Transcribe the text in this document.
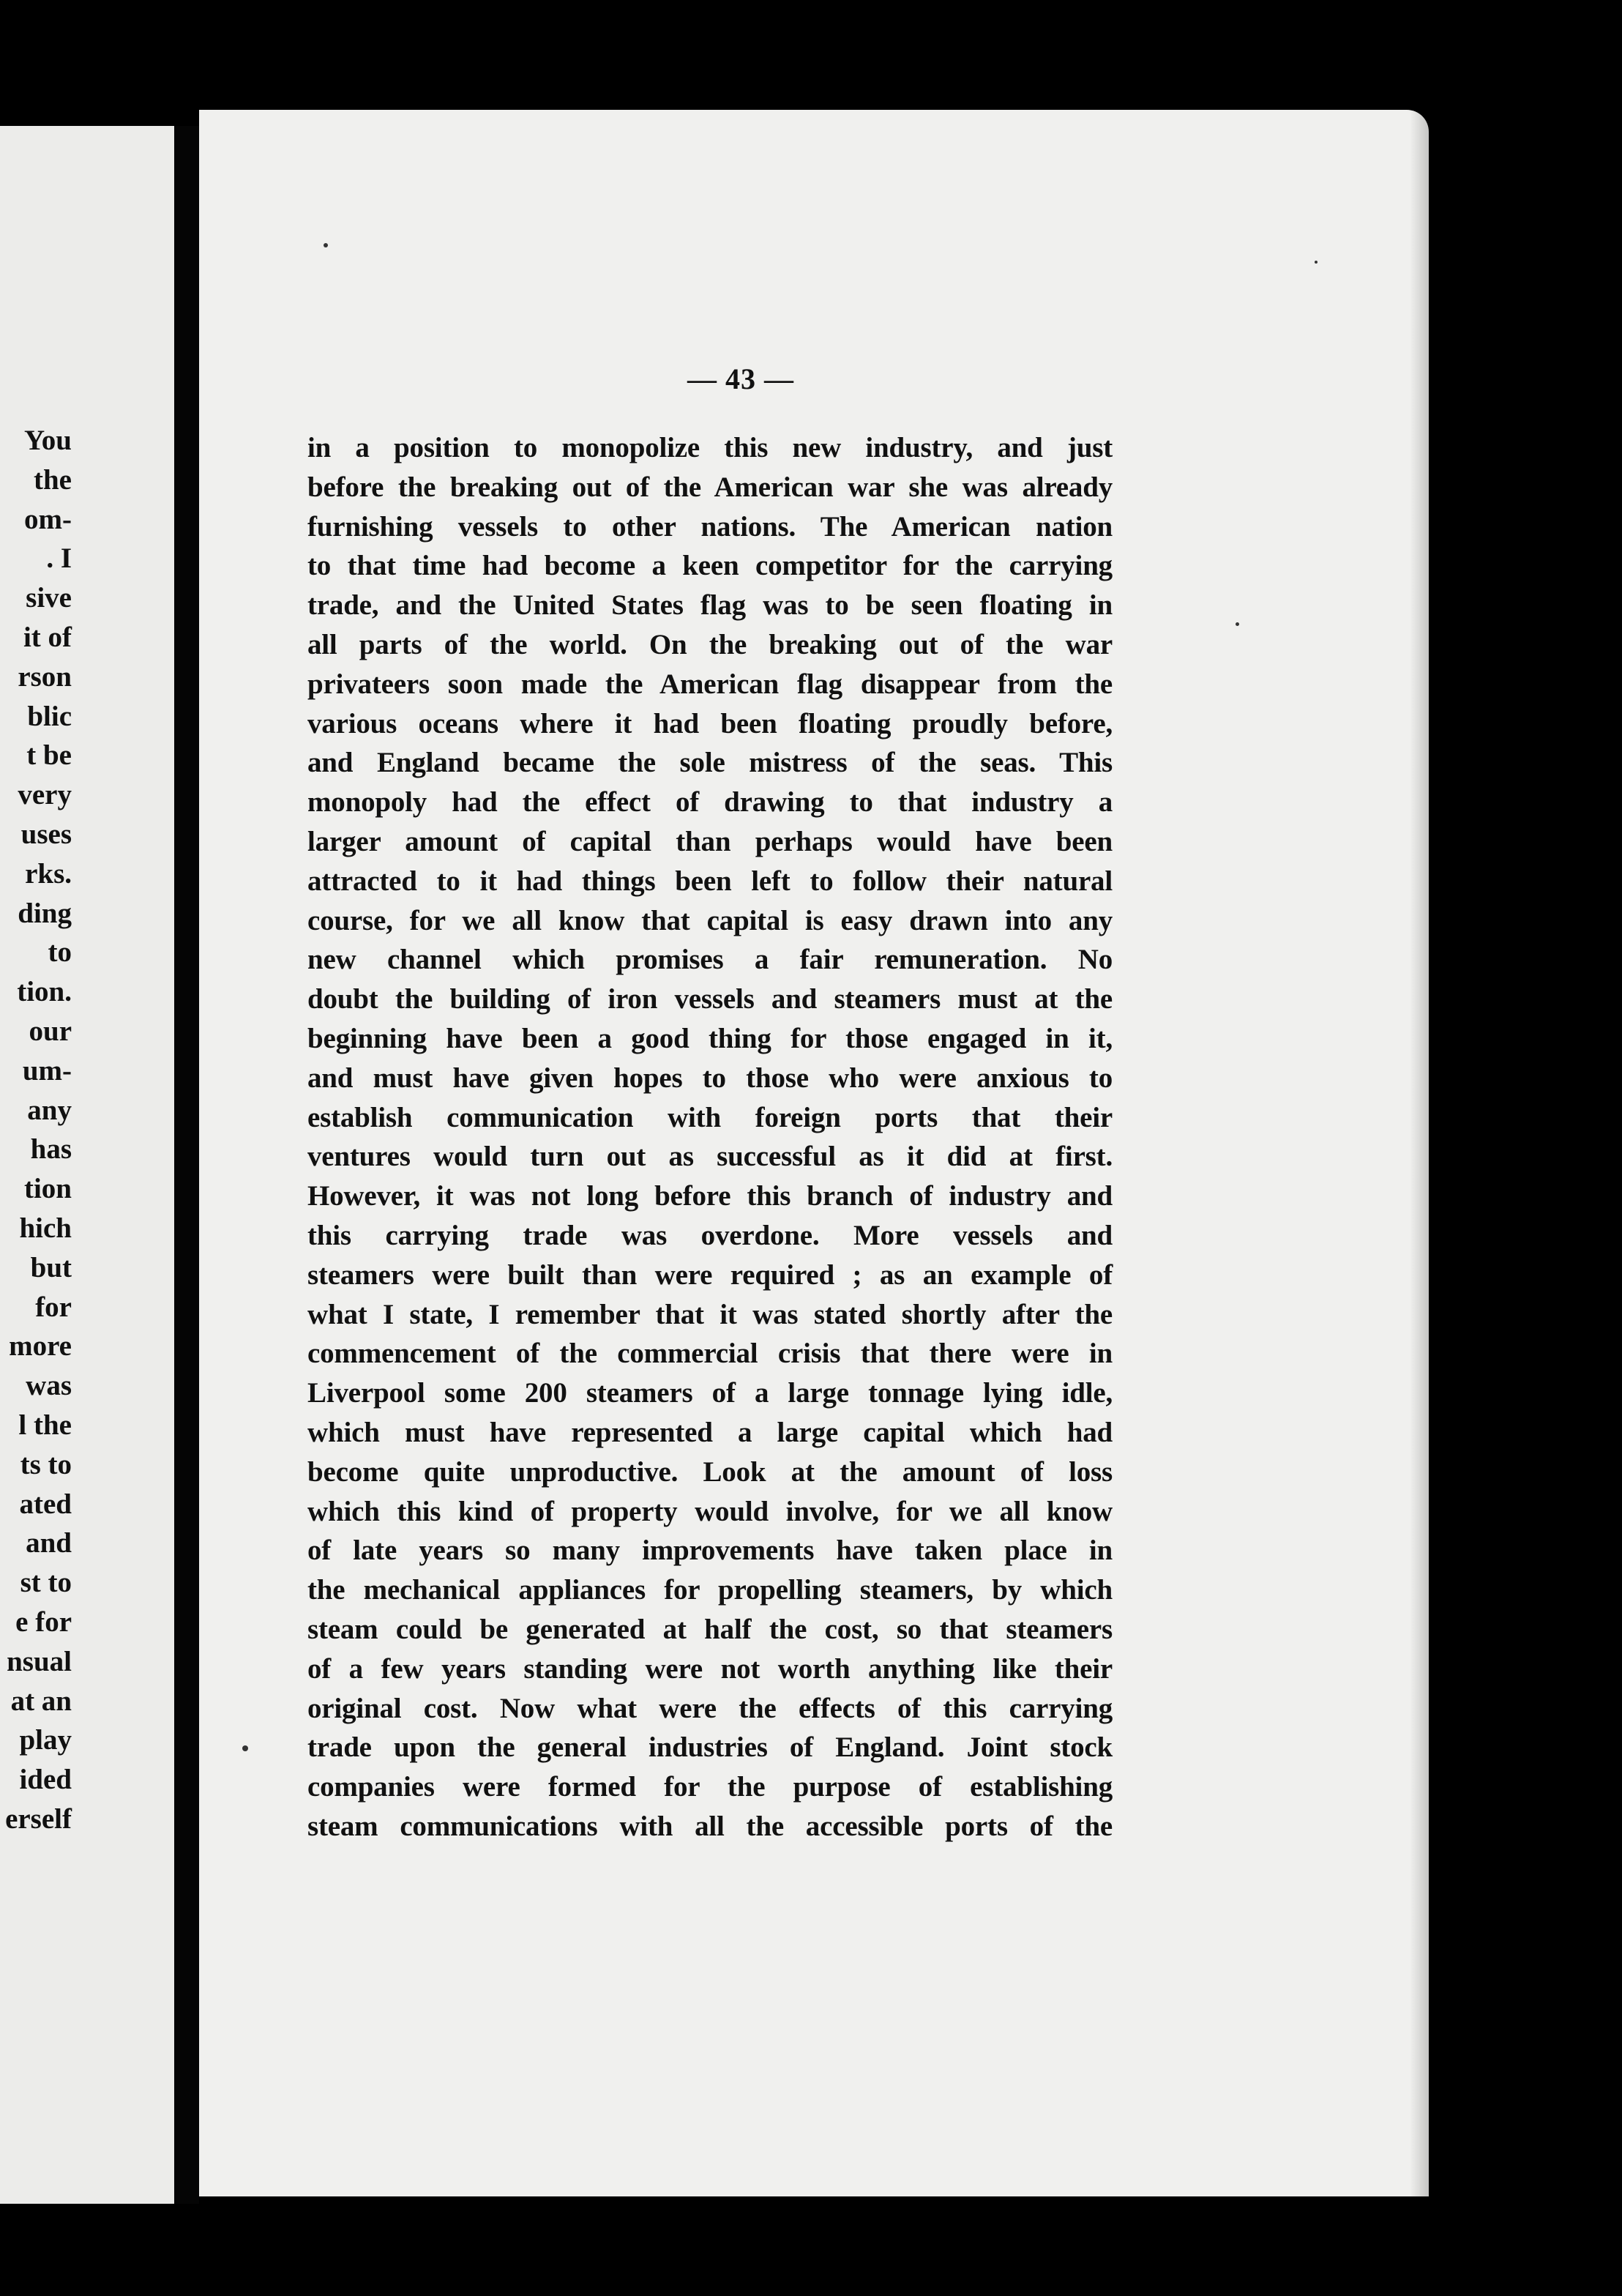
You
the
om-
. I
sive
it of
rson
blic
t be
very
uses
rks.
ding
to
tion.
our
um-
any
has
tion
hich
but
for
more
was
l the
ts to
ated
and
st to
e for
nsual
at an
play
ided
erself
— 43 —
in a position to monopolize this new industry, and just
before the breaking out of the American war she was already
furnishing vessels to other nations. The American nation
to that time had become a keen competitor for the carrying
trade, and the United States flag was to be seen floating in
all parts of the world. On the breaking out of the war
privateers soon made the American flag disappear from the
various oceans where it had been floating proudly before,
and England became the sole mistress of the seas. This
monopoly had the effect of drawing to that industry a
larger amount of capital than perhaps would have been
attracted to it had things been left to follow their natural
course, for we all know that capital is easy drawn into any
new channel which promises a fair remuneration. No
doubt the building of iron vessels and steamers must at the
beginning have been a good thing for those engaged in it,
and must have given hopes to those who were anxious to
establish communication with foreign ports that their
ventures would turn out as successful as it did at first.
However, it was not long before this branch of industry and
this carrying trade was overdone. More vessels and
steamers were built than were required ; as an example of
what I state, I remember that it was stated shortly after the
commencement of the commercial crisis that there were in
Liverpool some 200 steamers of a large tonnage lying idle,
which must have represented a large capital which had
become quite unproductive. Look at the amount of loss
which this kind of property would involve, for we all know
of late years so many improvements have taken place in
the mechanical appliances for propelling steamers, by which
steam could be generated at half the cost, so that steamers
of a few years standing were not worth anything like their
original cost. Now what were the effects of this carrying
trade upon the general industries of England. Joint stock
companies were formed for the purpose of establishing
steam communications with all the accessible ports of the
